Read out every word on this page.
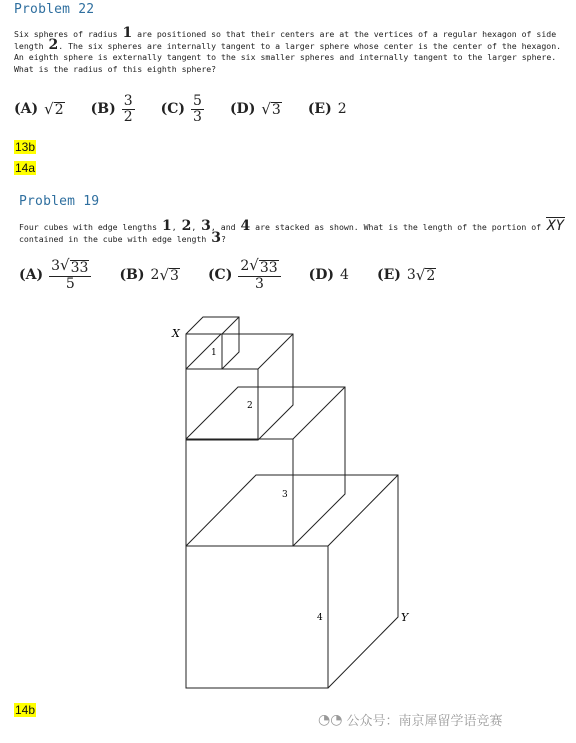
Problem 22
Six spheres of radius 1 are positioned so that their centers are at the vertices of a regular hexagon of side length 2. The six spheres are internally tangent to a larger sphere whose center is the center of the hexagon. An eighth sphere is externally tangent to the six smaller spheres and internally tangent to the larger sphere. What is the radius of this eighth sphere?
(A) √ 2 $(B) \frac{3}{2} (C) \frac{5}{3} (D)$ √ 3 (E) 2
13b
14a
Problem 19
Four cubes with edge lengths 1, 2, 3, and 4 are stacked as shown. What is the length of the portion of XY
contained in the cube with edge length 3?
$(A) \frac{3 √ 33}{5} (B)$ 2 √ 3 $(C) \frac{2 √ 33}{3} (D)$ 4 (E) 3 √ 2
X
Y
1
2
3
4
14b
◔◔ 公众号：南京犀留学语竞赛
